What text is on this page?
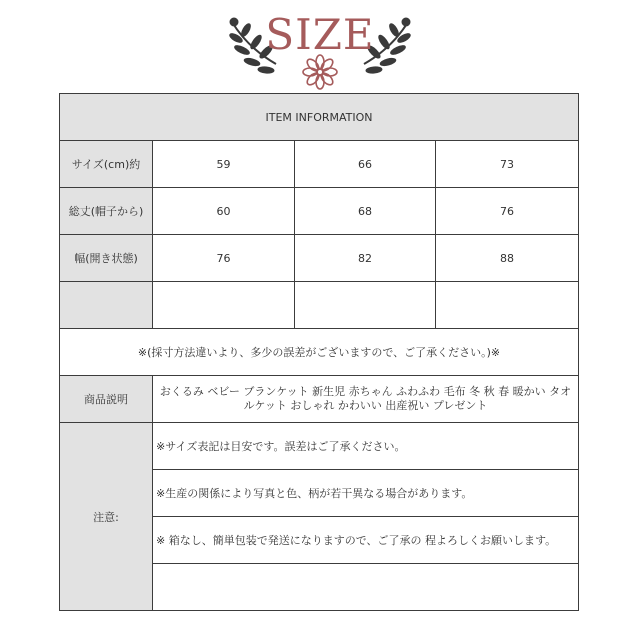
SIZE
ITEM INFORMATION			
サイズ(cm)約	59	66	73
総丈(帽子から)	60	68	76
幅(開き状態)	76	82	88

※(採寸方法違いより、多少の誤差がございますので、ご了承ください。)※			
商品説明	おくるみ ベビー ブランケット 新生児 赤ちゃん ふわふわ 毛布 冬 秋 春 暖かい タオルケット おしゃれ かわいい 出産祝い プレゼント		
注意:	※サイズ表記は目安です。誤差はご了承ください。		
	※生産の関係により写真と色、柄が若干異なる場合があります。		
	※ 箱なし、簡単包装で発送になりますので、ご了承の 程よろしくお願いします。		
